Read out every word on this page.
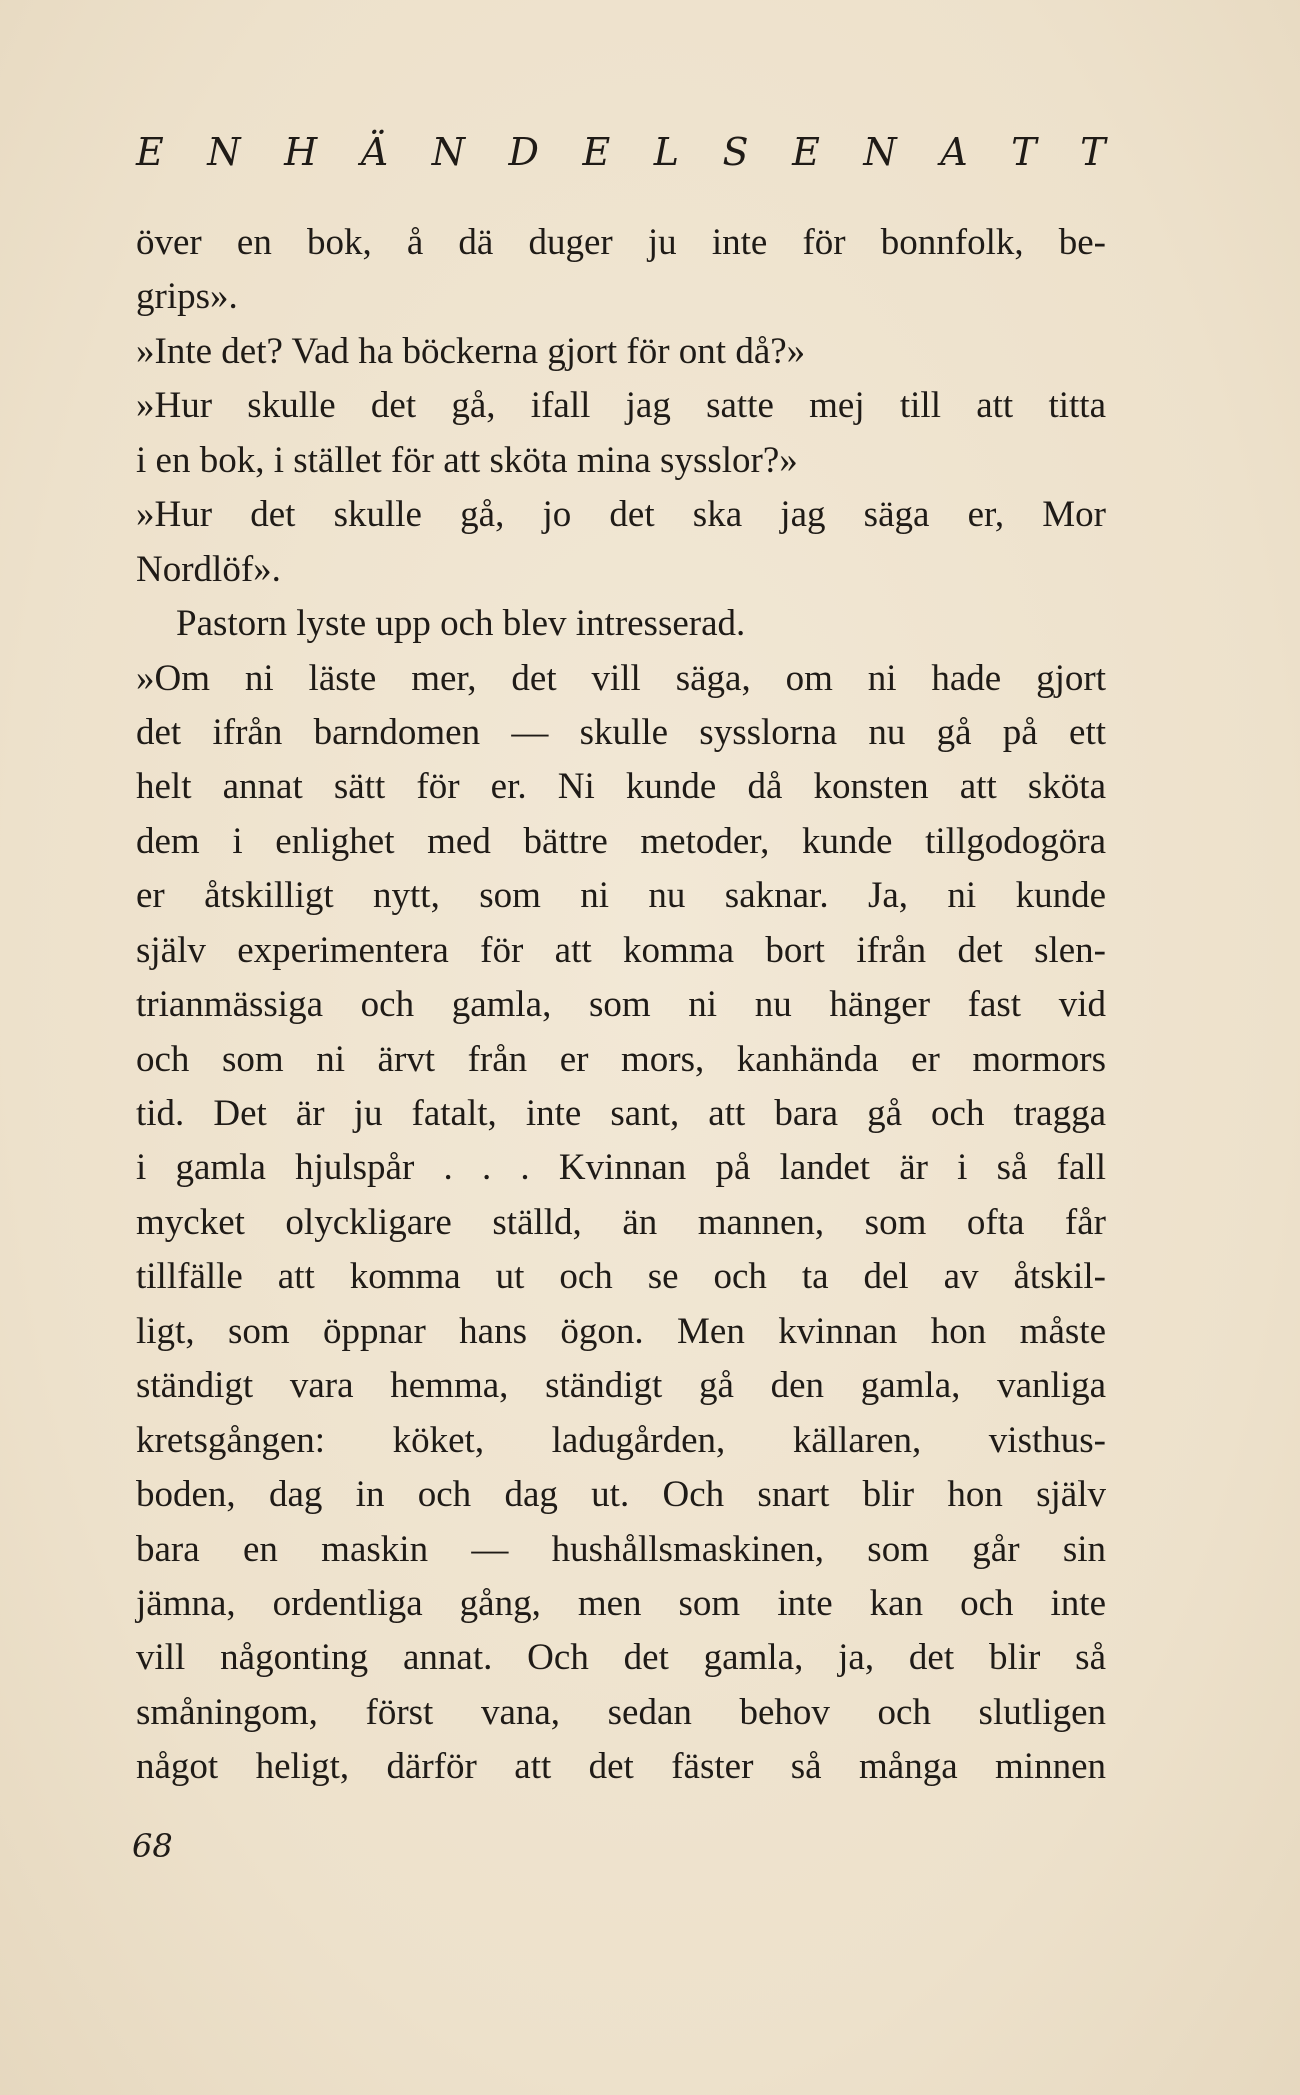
E N H Ä N D E L S E N A T T
över en bok, å dä duger ju inte för bonnfolk, be-
grips».
»Inte det? Vad ha böckerna gjort för ont då?»
»Hur skulle det gå, ifall jag satte mej till att titta
i en bok, i stället för att sköta mina sysslor?»
»Hur det skulle gå, jo det ska jag säga er, Mor
Nordlöf».
Pastorn lyste upp och blev intresserad.
»Om ni läste mer, det vill säga, om ni hade gjort
det ifrån barndomen — skulle sysslorna nu gå på ett
helt annat sätt för er. Ni kunde då konsten att sköta
dem i enlighet med bättre metoder, kunde tillgodogöra
er åtskilligt nytt, som ni nu saknar. Ja, ni kunde
själv experimentera för att komma bort ifrån det slen-
trianmässiga och gamla, som ni nu hänger fast vid
och som ni ärvt från er mors, kanhända er mormors
tid. Det är ju fatalt, inte sant, att bara gå och tragga
i gamla hjulspår . . . Kvinnan på landet är i så fall
mycket olyckligare ställd, än mannen, som ofta får
tillfälle att komma ut och se och ta del av åtskil-
ligt, som öppnar hans ögon. Men kvinnan hon måste
ständigt vara hemma, ständigt gå den gamla, vanliga
kretsgången: köket, ladugården, källaren, visthus-
boden, dag in och dag ut. Och snart blir hon själv
bara en maskin — hushållsmaskinen, som går sin
jämna, ordentliga gång, men som inte kan och inte
vill någonting annat. Och det gamla, ja, det blir så
småningom, först vana, sedan behov och slutligen
något heligt, därför att det fäster så många minnen
68
